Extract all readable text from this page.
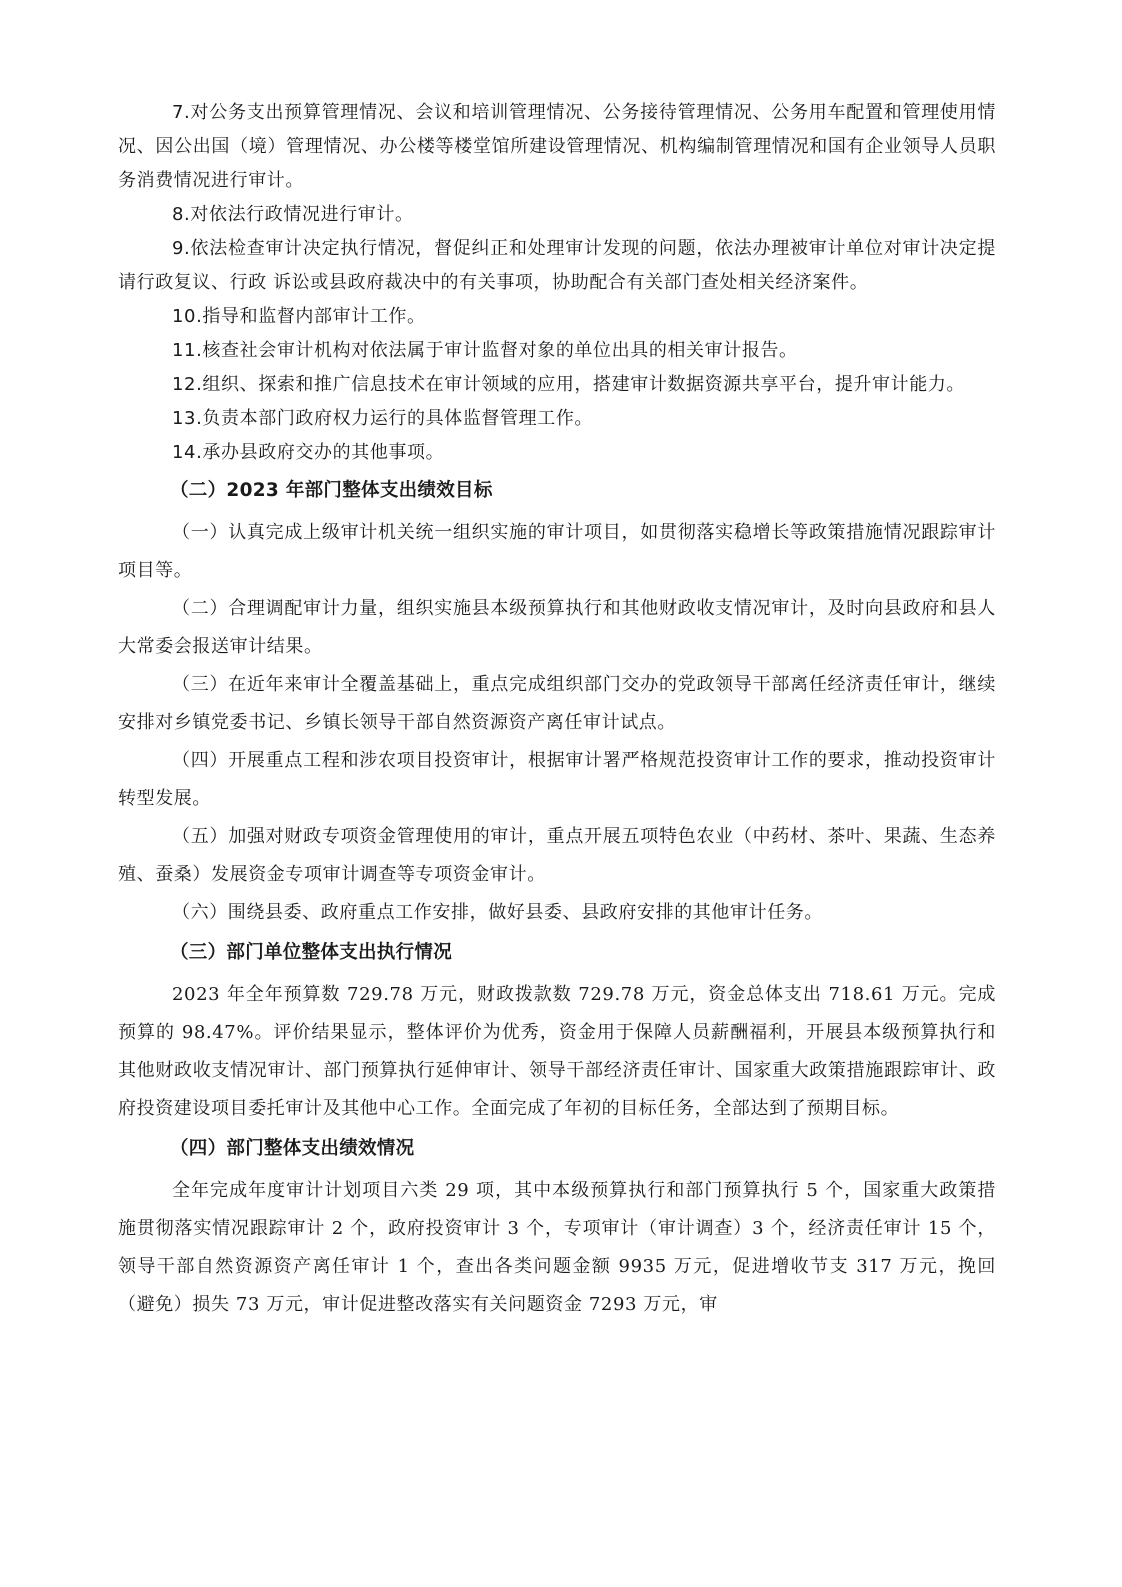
7.对公务支出预算管理情况、会议和培训管理情况、公务接待管理情况、公务用车配置和管理使用情况、因公出国（境）管理情况、办公楼等楼堂馆所建设管理情况、机构编制管理情况和国有企业领导人员职务消费情况进行审计。

8.对依法行政情况进行审计。

9.依法检查审计决定执行情况，督促纠正和处理审计发现的问题，依法办理被审计单位对审计决定提请行政复议、行政 诉讼或县政府裁决中的有关事项，协助配合有关部门查处相关经济案件。

10.指导和监督内部审计工作。

11.核查社会审计机构对依法属于审计监督对象的单位出具的相关审计报告。

12.组织、探索和推广信息技术在审计领域的应用，搭建审计数据资源共享平台，提升审计能力。

13.负责本部门政府权力运行的具体监督管理工作。

14.承办县政府交办的其他事项。

（二）2023 年部门整体支出绩效目标

（一）认真完成上级审计机关统一组织实施的审计项目，如贯彻落实稳增长等政策措施情况跟踪审计项目等。

（二）合理调配审计力量，组织实施县本级预算执行和其他财政收支情况审计，及时向县政府和县人大常委会报送审计结果。

（三）在近年来审计全覆盖基础上，重点完成组织部门交办的党政领导干部离任经济责任审计，继续安排对乡镇党委书记、乡镇长领导干部自然资源资产离任审计试点。

（四）开展重点工程和涉农项目投资审计，根据审计署严格规范投资审计工作的要求，推动投资审计转型发展。

（五）加强对财政专项资金管理使用的审计，重点开展五项特色农业（中药材、茶叶、果蔬、生态养殖、蚕桑）发展资金专项审计调查等专项资金审计。

（六）围绕县委、政府重点工作安排，做好县委、县政府安排的其他审计任务。

（三）部门单位整体支出执行情况

2023 年全年预算数 729.78 万元，财政拨款数 729.78 万元，资金总体支出 718.61 万元。完成预算的 98.47%。评价结果显示，整体评价为优秀，资金用于保障人员薪酬福利，开展县本级预算执行和其他财政收支情况审计、部门预算执行延伸审计、领导干部经济责任审计、国家重大政策措施跟踪审计、政府投资建设项目委托审计及其他中心工作。全面完成了年初的目标任务，全部达到了预期目标。

（四）部门整体支出绩效情况

全年完成年度审计计划项目六类 29 项，其中本级预算执行和部门预算执行 5 个，国家重大政策措施贯彻落实情况跟踪审计 2 个，政府投资审计 3 个，专项审计（审计调查）3 个，经济责任审计 15 个，领导干部自然资源资产离任审计 1 个，查出各类问题金额 9935 万元，促进增收节支 317 万元，挽回（避免）损失 73 万元，审计促进整改落实有关问题资金 7293 万元，审
